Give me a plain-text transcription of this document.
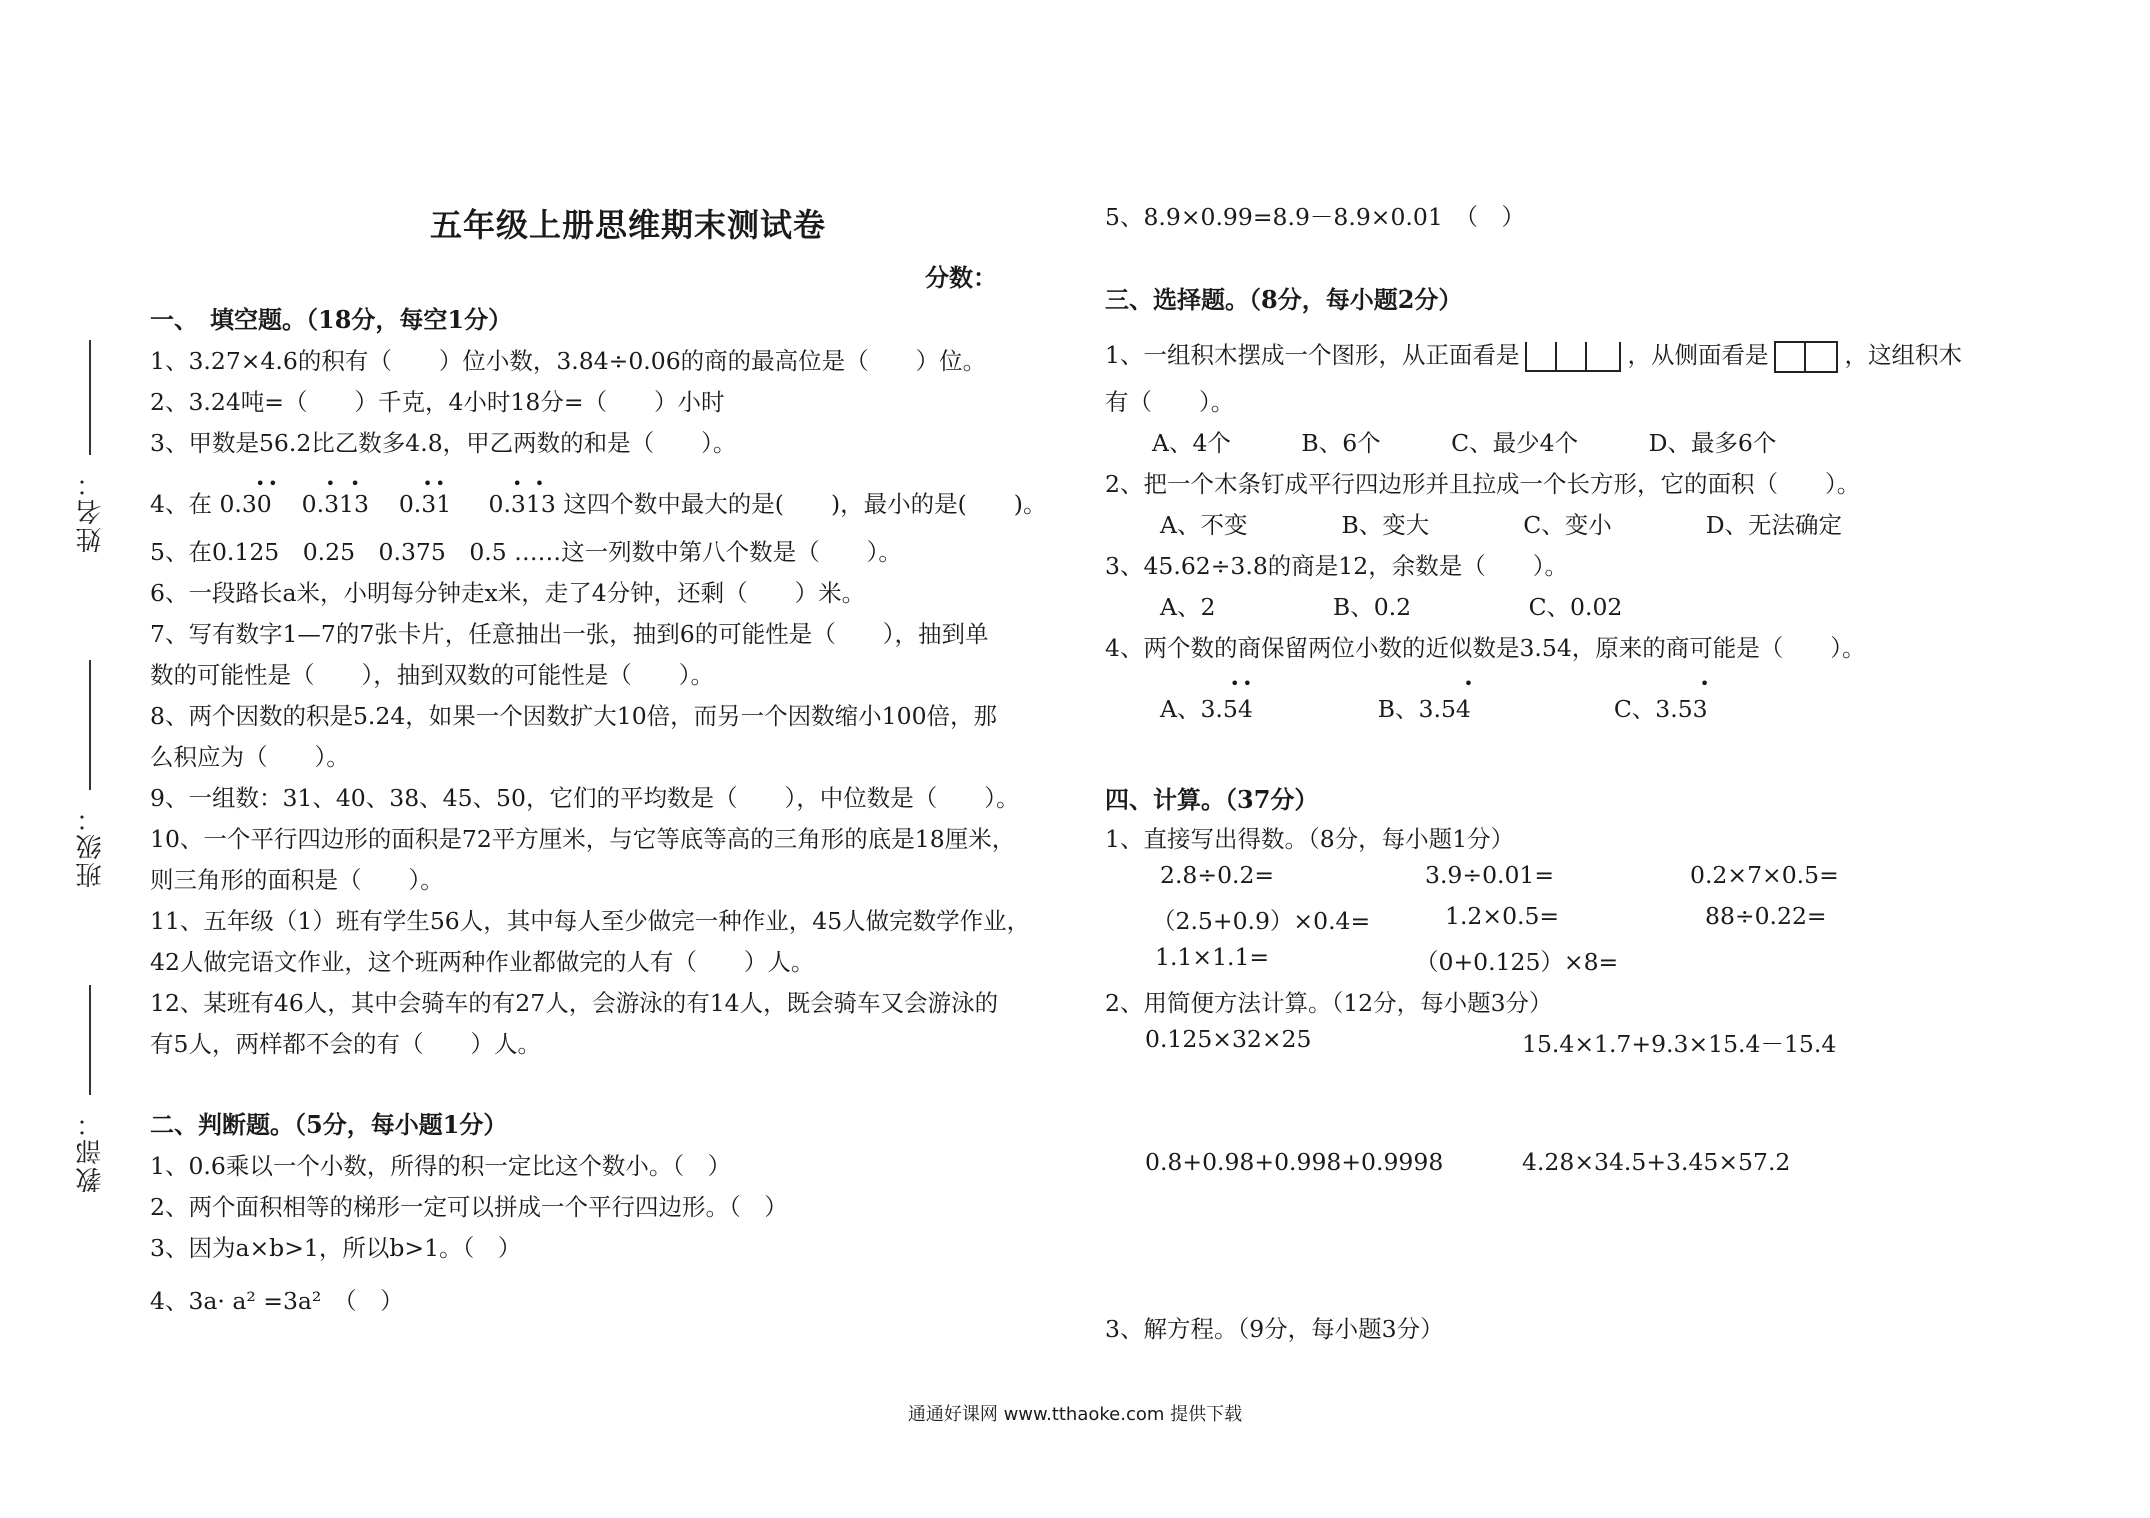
姓名：
班级：
教部：
五年级上册思维期末测试卷
分数：
一、　填空题。（18分，每空1分）
1、3.27×4.6的积有（　　）位小数，3.84÷0.06的商的最高位是（　　）位。
2、3.24吨=（　　）千克，4小时18分=（　　）小时
3、甲数是56.2比乙数多4.8，甲乙两数的和是（　　）。
4、在
• •
0.30
•   •
0.313
• •
0.31
•    •
0.313 这四个数中最大的是(　　)，最小的是(　　)。
5、在0.125　0.25　0.375　0.5 ……这一列数中第八个数是（　　）。
6、一段路长a米，小明每分钟走x米，走了4分钟，还剩（　　）米。
7、写有数字1—7的7张卡片，任意抽出一张，抽到6的可能性是（　　），抽到单
数的可能性是（　　），抽到双数的可能性是（　　）。
8、两个因数的积是5.24，如果一个因数扩大10倍，而另一个因数缩小100倍，那
么积应为（　　）。
9、一组数：31、40、38、45、50，它们的平均数是（　　），中位数是（　　）。
10、一个平行四边形的面积是72平方厘米，与它等底等高的三角形的底是18厘米，
则三角形的面积是（　　）。
11、五年级（1）班有学生56人，其中每人至少做完一种作业，45人做完数学作业，
42人做完语文作业，这个班两种作业都做完的人有（　　）人。
12、某班有46人，其中会骑车的有27人，会游泳的有14人，既会骑车又会游泳的
有5人，两样都不会的有（　　）人。
二、判断题。（5分，每小题1分）
1、0.6乘以一个小数，所得的积一定比这个数小。（　）
2、两个面积相等的梯形一定可以拼成一个平行四边形。（　）
3、因为a×b>1，所以b>1。（　）
4、3a· a² =3a²　（　）
5、8.9×0.99=8.9－8.9×0.01　（　）
三、选择题。（8分，每小题2分）
1、一组积木摆成一个图形，从正面看是	，从侧面看是	，这组积木
有（　　）。
A、4个　　　B、6个　　　C、最少4个　　　D、最多6个
2、把一个木条钉成平行四边形并且拉成一个长方形，它的面积（　　）。
A、不变　　　　B、变大　　　　C、变小　　　　D、无法确定
3、45.62÷3.8的商是12，余数是（　　）。
A、2　　　　　B、0.2　　　　　C、0.02
4、两个数的商保留两位小数的近似数是3.54，原来的商可能是（　　）。
• •
A、3.54
•
B、3.54
•
C、3.53
四、计算。（37分）
1、直接写出得数。（8分，每小题1分）
2.8÷0.2=	3.9÷0.01=	0.2×7×0.5=
（2.5+0.9）×0.4=	1.2×0.5=	88÷0.22=
1.1×1.1=	（0+0.125）×8=
2、用简便方法计算。（12分，每小题3分）
0.125×32×25	15.4×1.7+9.3×15.4－15.4
0.8+0.98+0.998+0.9998	4.28×34.5+3.45×57.2
3、解方程。（9分，每小题3分）
通通好课网 www.tthaoke.com 提供下载
